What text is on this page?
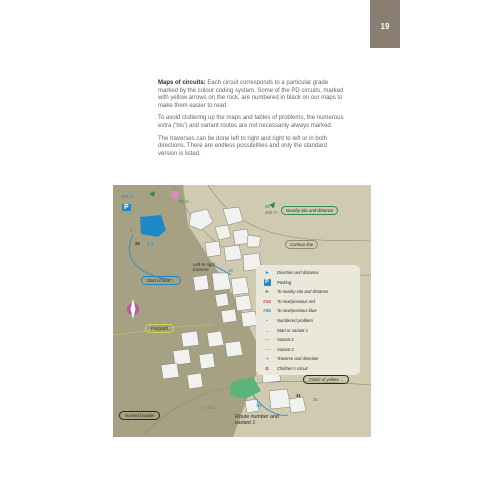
19

Maps of circuits: Each circuit corresponds to a particular grade marked by the colour coding system. Some of the PD circuits, marked with yellow arrows on the rock, are numbered in black on our maps to make them easier to read.

To avoid cluttering up the maps and tables of problems, the numerous extra (‘bis’) and variant routes are not necessarily always marked.

The traverses can be done left to right and right to left or in both directions. There are endless possibilities and only the standard version is listed.

300 m
P
85 m
1
20 2 3
91 Y
400 m	Nearby site and distance
Contour line
Left-to-right traverse	16
Start of blue ...
Footpath
Finish of yellow ...
31
30
36
Le Trou
Named boulder	Route number and variant 1
➤	Direction and distance
P	Parking
➤	To nearby site and distance
#14	To next/previous red
#26	To next/previous blue
•	Numbered problem
→	Start or variant 1
- -	Variant 2
·····	Variant 3
➝	Traverse and direction
✿	Children’s circuit
